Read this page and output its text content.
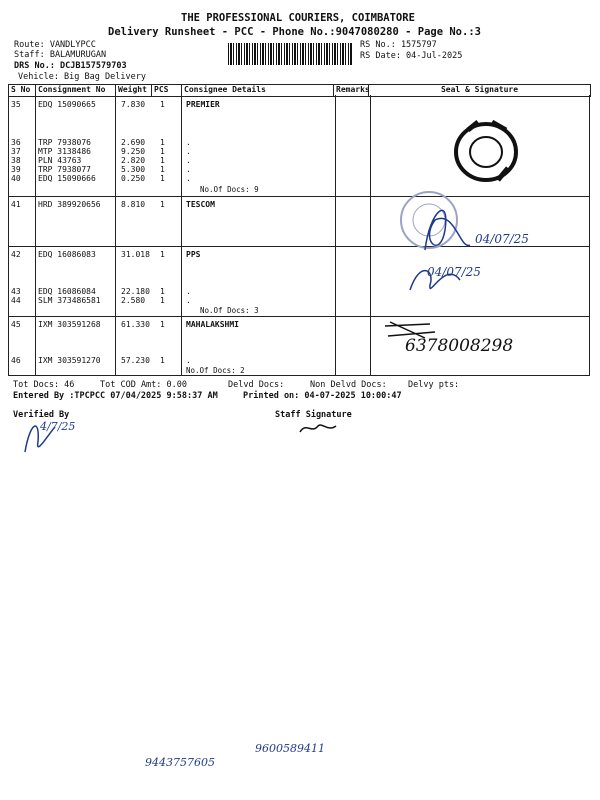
THE PROFESSIONAL COURIERS, COIMBATORE
Delivery Runsheet - PCC - Phone No.:9047080280 - Page No.:3
Route: VANDLYPCC
Staff: BALAMURUGAN
DRS No.: DCJB157579703
Vehicle: Big Bag Delivery
RS No.: 1575797
RS Date: 04-Jul-2025
S No	Consignment No	Weight	PCS	Consignee Details	Remarks	Seal & Signature
35 EDQ 15090665	7.830 1	PREMIER
36 TRP 7938076	2.690 1	.
37 MTP 3138486	9.250 1	.
38 PLN 43763	2.820 1	.
39 TRP 7938077	5.300 1	.
40 EDQ 15090666	0.250 1	.
No.Of Docs: 9
41 HRD 389920656	8.810 1	TESCOM
42 EDQ 16086083	31.018 1	PPS
43 EDQ 16086084	22.180 1	.
44 SLM 373486581	2.580 1	.
No.Of Docs: 3
45 IXM 303591268	61.330 1	MAHALAKSHMI
46 IXM 303591270	57.230 1	.
No.Of Docs: 2
Tot Docs: 46	Tot COD Amt: 0.00	Delvd Docs:	Non Delvd Docs: Delvy pts:
Entered By :TPCPCC 07/04/2025 9:58:37 AM	Printed on: 04-07-2025 10:00:47
Verified By	Staff Signature
04/07/25
04/07/25
6378008298
4/7/25
9443757605
9600589411
